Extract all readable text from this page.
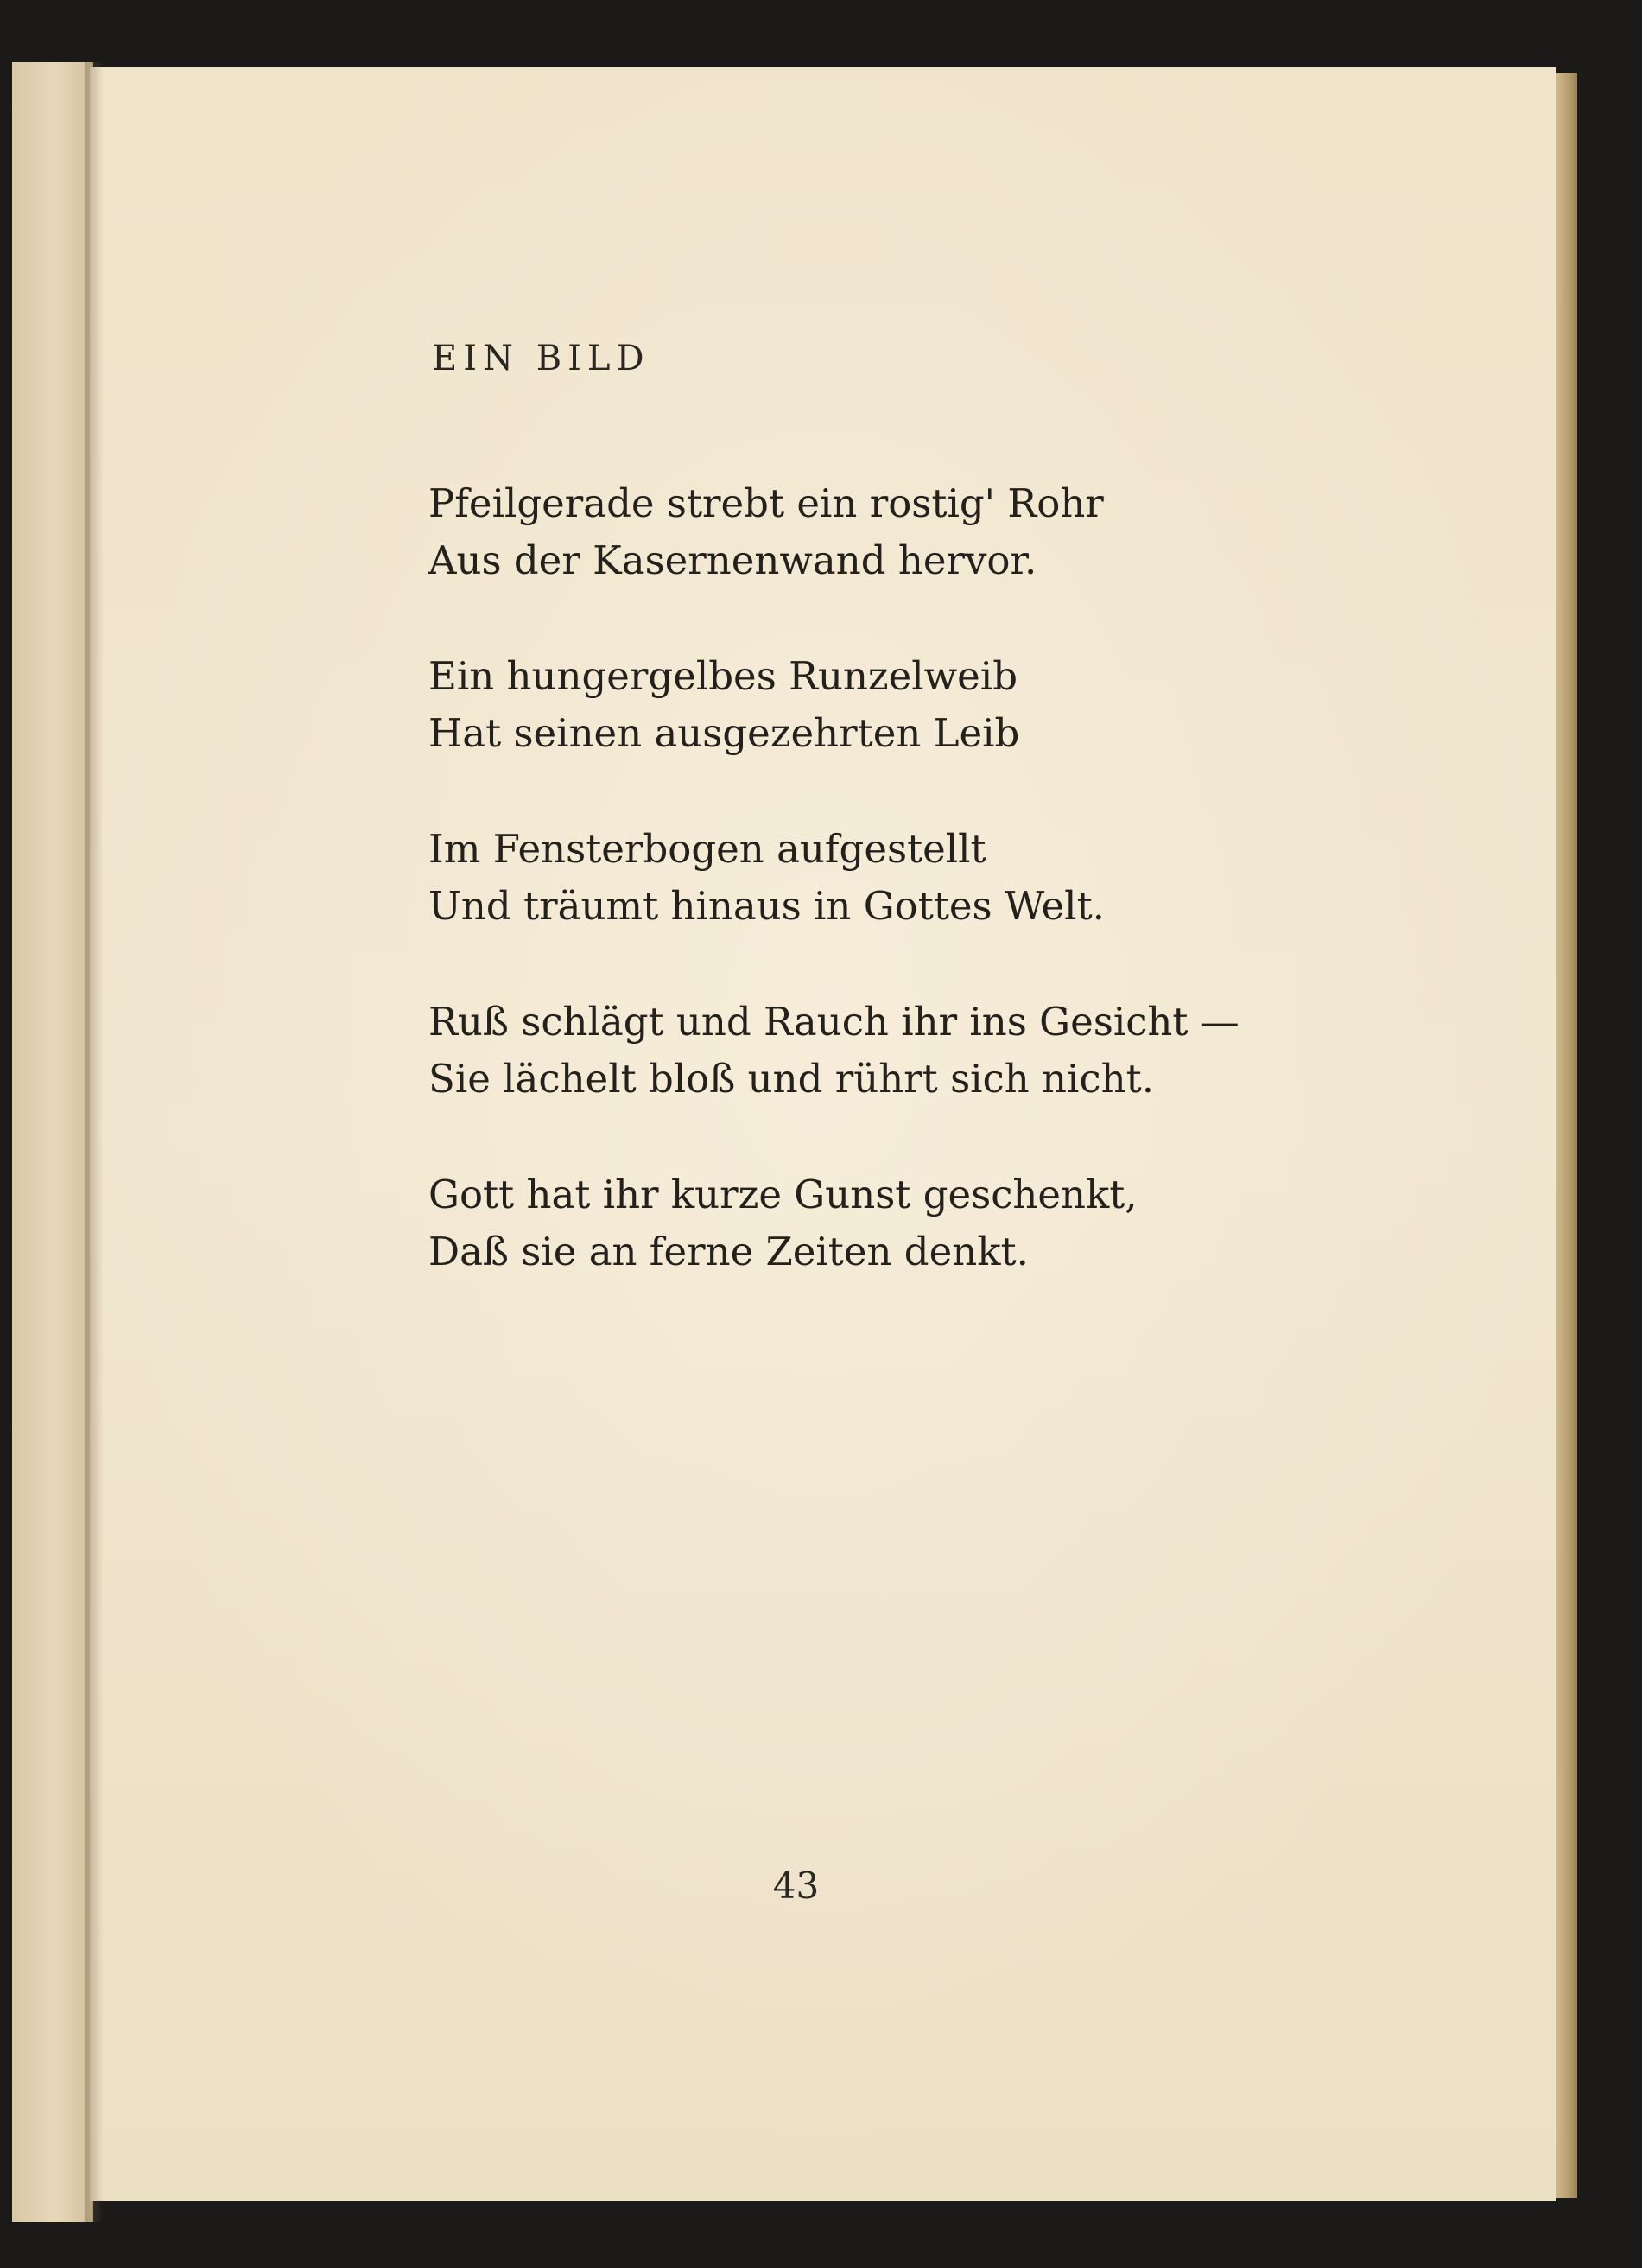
EIN BILD
Pfeilgerade strebt ein rostig' Rohr
Aus der Kasernenwand hervor.
Ein hungergelbes Runzelweib
Hat seinen ausgezehrten Leib
Im Fensterbogen aufgestellt
Und träumt hinaus in Gottes Welt.
Ruß schlägt und Rauch ihr ins Gesicht —
Sie lächelt bloß und rührt sich nicht.
Gott hat ihr kurze Gunst geschenkt,
Daß sie an ferne Zeiten denkt.
43
